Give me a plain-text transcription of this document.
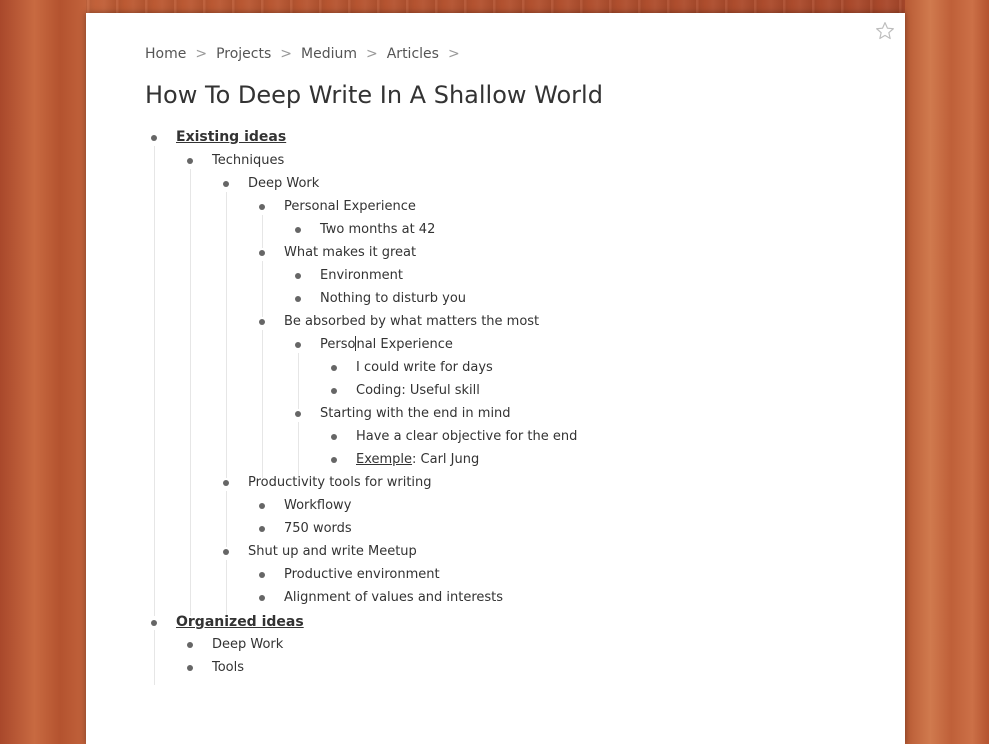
Home > Projects > Medium > Articles >
How To Deep Write In A Shallow World
Existing ideas
Techniques
Deep Work
Personal Experience
Two months at 42
What makes it great
Environment
Nothing to disturb you
Be absorbed by what matters the most
Personal Experience
I could write for days
Coding: Useful skill
Starting with the end in mind
Have a clear objective for the end
Exemple: Carl Jung
Productivity tools for writing
Workflowy
750 words
Shut up and write Meetup
Productive environment
Alignment of values and interests
Organized ideas
Deep Work
Tools
